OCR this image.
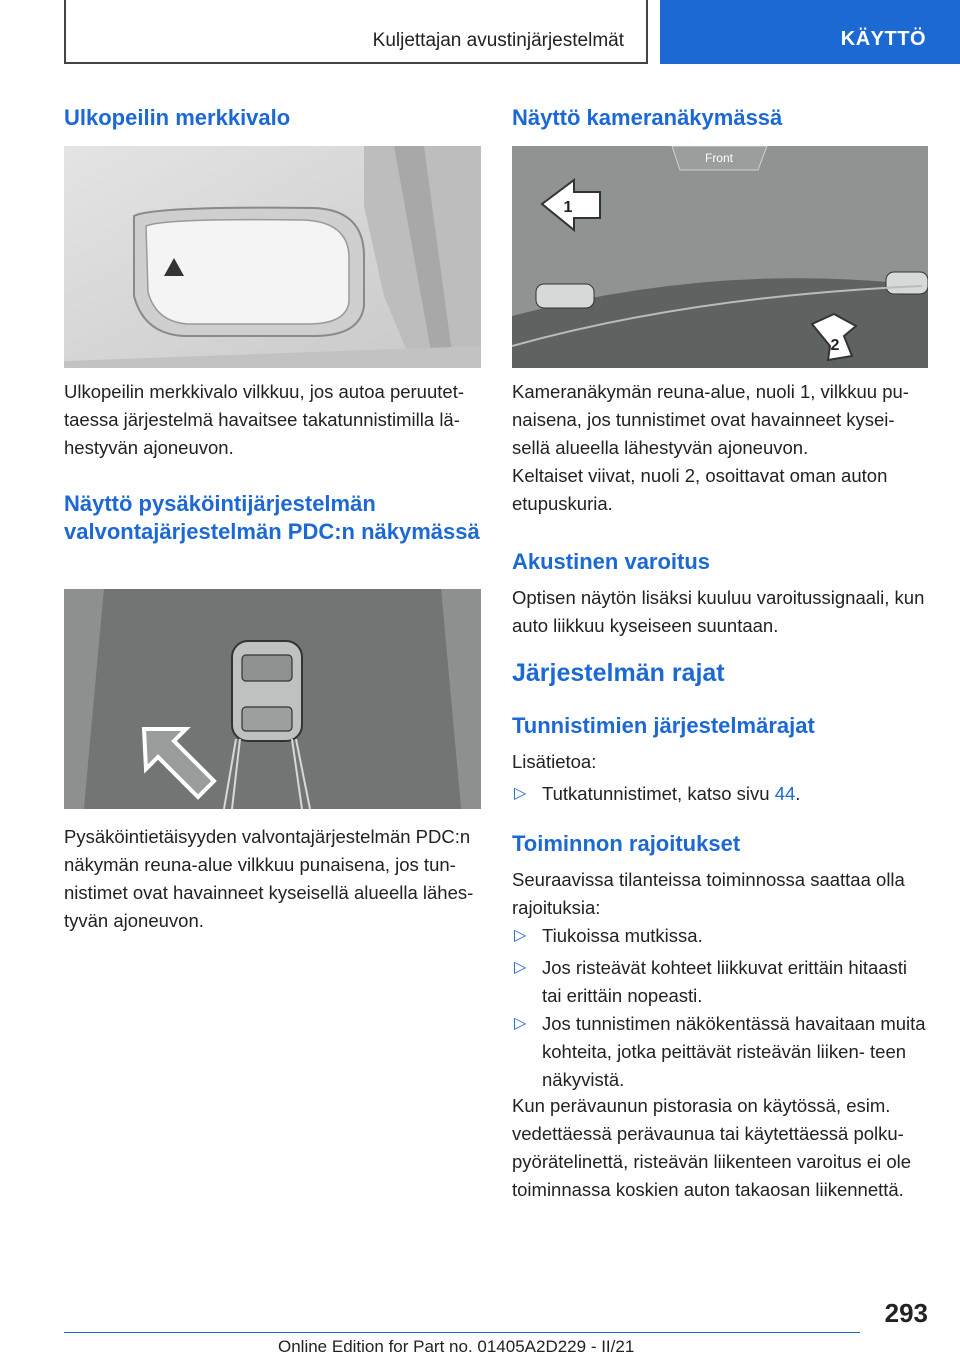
Kuljettajan avustinjärjestelmät	KÄYTTÖ
Ulkopeilin merkkivalo

Ulkopeilin merkkivalo vilkkuu, jos autoa peruutet- taessa järjestelmä havaitsee takatunnistimilla lä- hestyvän ajoneuvon.

Näyttö pysäköintijärjestelmän valvontajärjestelmän PDC:n näkymässä

Pysäköintietäisyyden valvontajärjestelmän PDC:n näkymän reuna-alue vilkkuu punaisena, jos tun- nistimet ovat havainneet kyseisellä alueella lähes- tyvän ajoneuvon.

Näyttö kameranäkymässä
Front
1
2

Kameranäkymän reuna-alue, nuoli 1, vilkkuu pu- naisena, jos tunnistimet ovat havainneet kysei- sellä alueella lähestyvän ajoneuvon.

Keltaiset viivat, nuoli 2, osoittavat oman auton etupuskuria.

Akustinen varoitus

Optisen näytön lisäksi kuuluu varoitussignaali, kun auto liikkuu kyseiseen suuntaan.

Järjestelmän rajat
Tunnistimien järjestelmärajat

Lisätietoa:

▷ Tutkatunnistimet, katso sivu 44.
Toiminnon rajoitukset

Seuraavissa tilanteissa toiminnossa saattaa olla rajoituksia:

▷ Tiukoissa mutkissa.
▷ Jos risteävät kohteet liikkuvat erittäin hitaasti tai erittäin nopeasti.
▷ Jos tunnistimen näkökentässä havaitaan muita kohteita, jotka peittävät risteävän liiken- teen näkyvistä.

Kun perävaunun pistorasia on käytössä, esim. vedettäessä perävaunua tai käytettäessä polku- pyörätelinettä, risteävän liikenteen varoitus ei ole toiminnassa koskien auton takaosan liikennettä.

293
Online Edition for Part no. 01405A2D229 - II/21
